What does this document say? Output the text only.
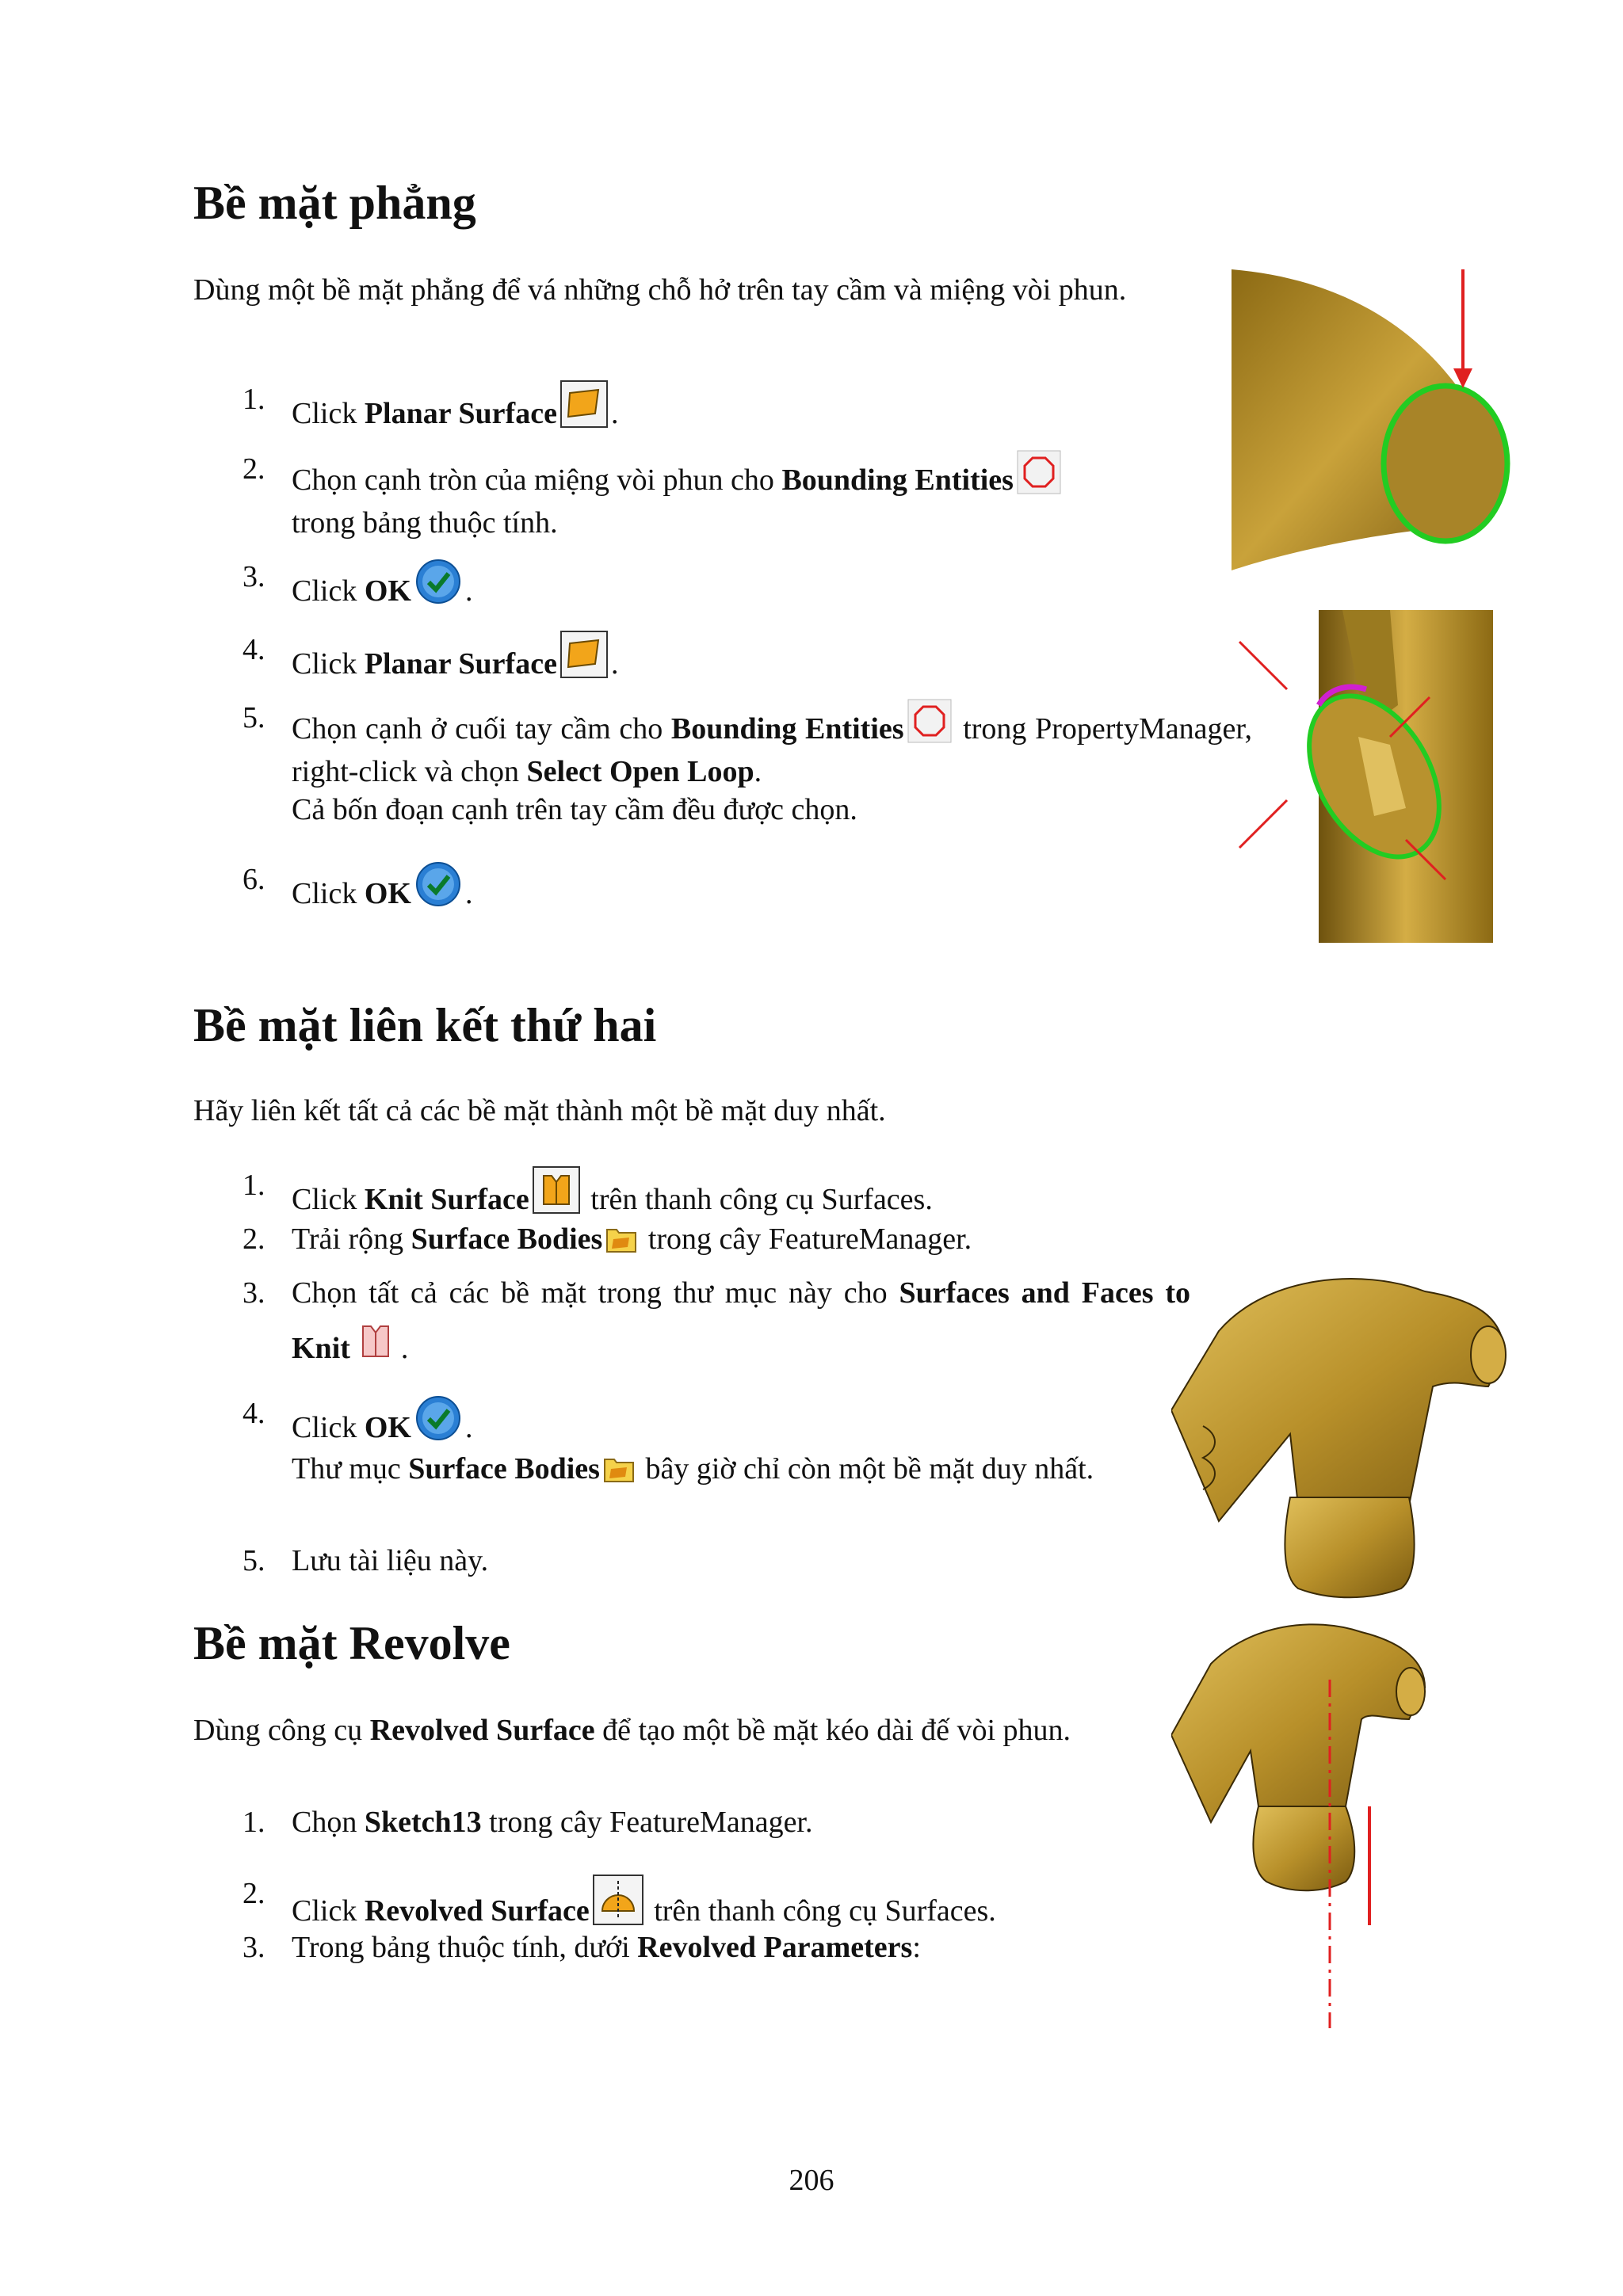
Bề mặt phẳng
Dùng một bề mặt phẳng để vá những chỗ hở trên tay cầm và miệng vòi phun.
1. Click Planar Surface .
2. Chọn cạnh tròn của miệng vòi phun cho Bounding Entities
trong bảng thuộc tính.
3. Click OK .
4. Click Planar Surface .
5. Chọn cạnh ở cuối tay cầm cho Bounding Entities trong PropertyManager, right-click và chọn Select Open Loop.
Cả bốn đoạn cạnh trên tay cầm đều được chọn.
6. Click OK .
Bề mặt liên kết thứ hai
Hãy liên kết tất cả các bề mặt thành một bề mặt duy nhất.
1. Click Knit Surface trên thanh công cụ Surfaces.
2. Trải rộng Surface Bodies trong cây FeatureManager.
3. Chọn tất cả các bề mặt trong thư mục này cho Surfaces and Faces to Knit .
4. Click OK .
Thư mục Surface Bodies bây giờ chỉ còn một bề mặt duy nhất.
5. Lưu tài liệu này.
Bề mặt Revolve
Dùng công cụ Revolved Surface để tạo một bề mặt kéo dài đế vòi phun.
1. Chọn Sketch13 trong cây FeatureManager.
2.
Click Revolved Surface trên thanh công cụ Surfaces.
3. Trong bảng thuộc tính, dưới Revolved Parameters:
206
